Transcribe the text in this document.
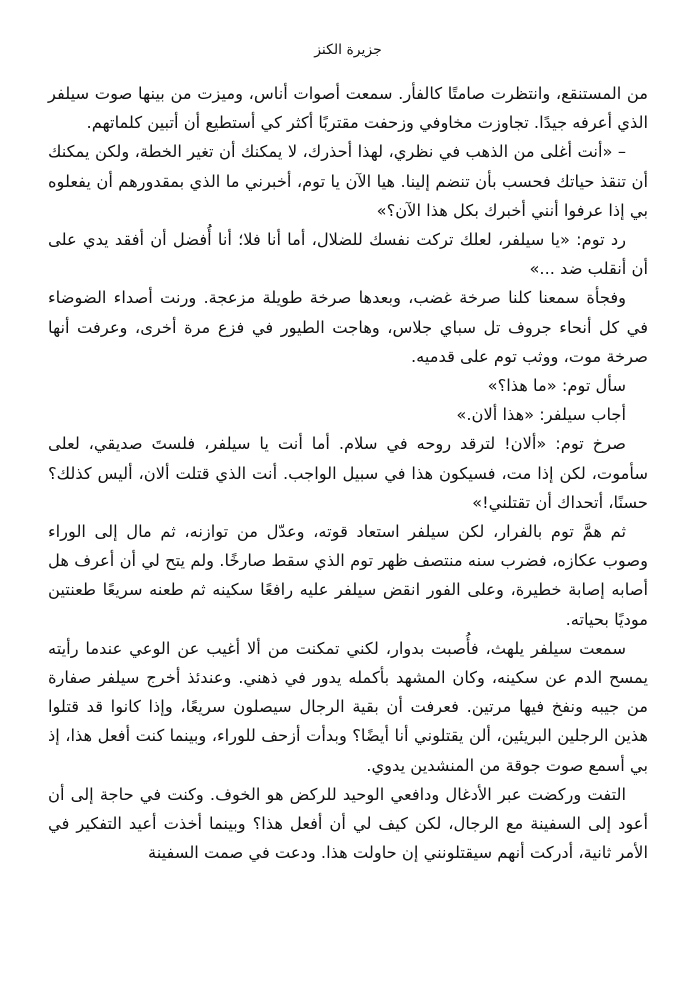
جزيرة الكنز

من المستنقع، وانتظرت صامتًا كالفأر. سمعت أصوات أناس، وميزت من بينها صوت سيلفر الذي أعرفه جيدًا. تجاوزت مخاوفي وزحفت مقتربًا أكثر كي أستطيع أن أتبين كلماتهم.

– «أنت أغلى من الذهب في نظري، لهذا أحذرك، لا يمكنك أن تغير الخطة، ولكن يمكنك أن تنقذ حياتك فحسب بأن تنضم إلينا. هيا الآن يا توم، أخبرني ما الذي بمقدورهم أن يفعلوه بي إذا عرفوا أنني أخبرك بكل هذا الآن؟»

رد توم: «يا سيلفر، لعلك تركت نفسك للضلال، أما أنا فلا؛ أنا أُفضل أن أفقد يدي على أن أنقلب ضد ...»

وفجأة سمعنا كلنا صرخة غضب، وبعدها صرخة طويلة مزعجة. ورنت أصداء الضوضاء في كل أنحاء جروف تل سباي جلاس، وهاجت الطيور في فزع مرة أخرى، وعرفت أنها صرخة موت، ووثب توم على قدميه.

سأل توم: «ما هذا؟»

أجاب سيلفر: «هذا ألان.»

صرخ توم: «ألان! لترقد روحه في سلام. أما أنت يا سيلفر، فلستَ صديقي، لعلى سأموت، لكن إذا مت، فسيكون هذا في سبيل الواجب. أنت الذي قتلت ألان، أليس كذلك؟ حسنًا، أتحداك أن تقتلني!»

ثم همَّ توم بالفرار، لكن سيلفر استعاد قوته، وعدّل من توازنه، ثم مال إلى الوراء وصوب عكازه، فضرب سنه منتصف ظهر توم الذي سقط صارخًا. ولم يتح لي أن أعرف هل أصابه إصابة خطيرة، وعلى الفور انقض سيلفر عليه رافعًا سكينه ثم طعنه سريعًا طعنتين موديًا بحياته.

سمعت سيلفر يلهث، فأُصبت بدوار، لكني تمكنت من ألا أغيب عن الوعي عندما رأيته يمسح الدم عن سكينه، وكان المشهد بأكمله يدور في ذهني. وعندئذ أخرج سيلفر صفارة من جيبه ونفخ فيها مرتين. فعرفت أن بقية الرجال سيصلون سريعًا، وإذا كانوا قد قتلوا هذين الرجلين البريئين، ألن يقتلوني أنا أيضًا؟ وبدأت أزحف للوراء، وبينما كنت أفعل هذا، إذ بي أسمع صوت جوقة من المنشدين يدوي.

التفت وركضت عبر الأدغال ودافعي الوحيد للركض هو الخوف. وكنت في حاجة إلى أن أعود إلى السفينة مع الرجال، لكن كيف لي أن أفعل هذا؟ وبينما أخذت أعيد التفكير في الأمر ثانية، أدركت أنهم سيقتلونني إن حاولت هذا. ودعت في صمت السفينة
